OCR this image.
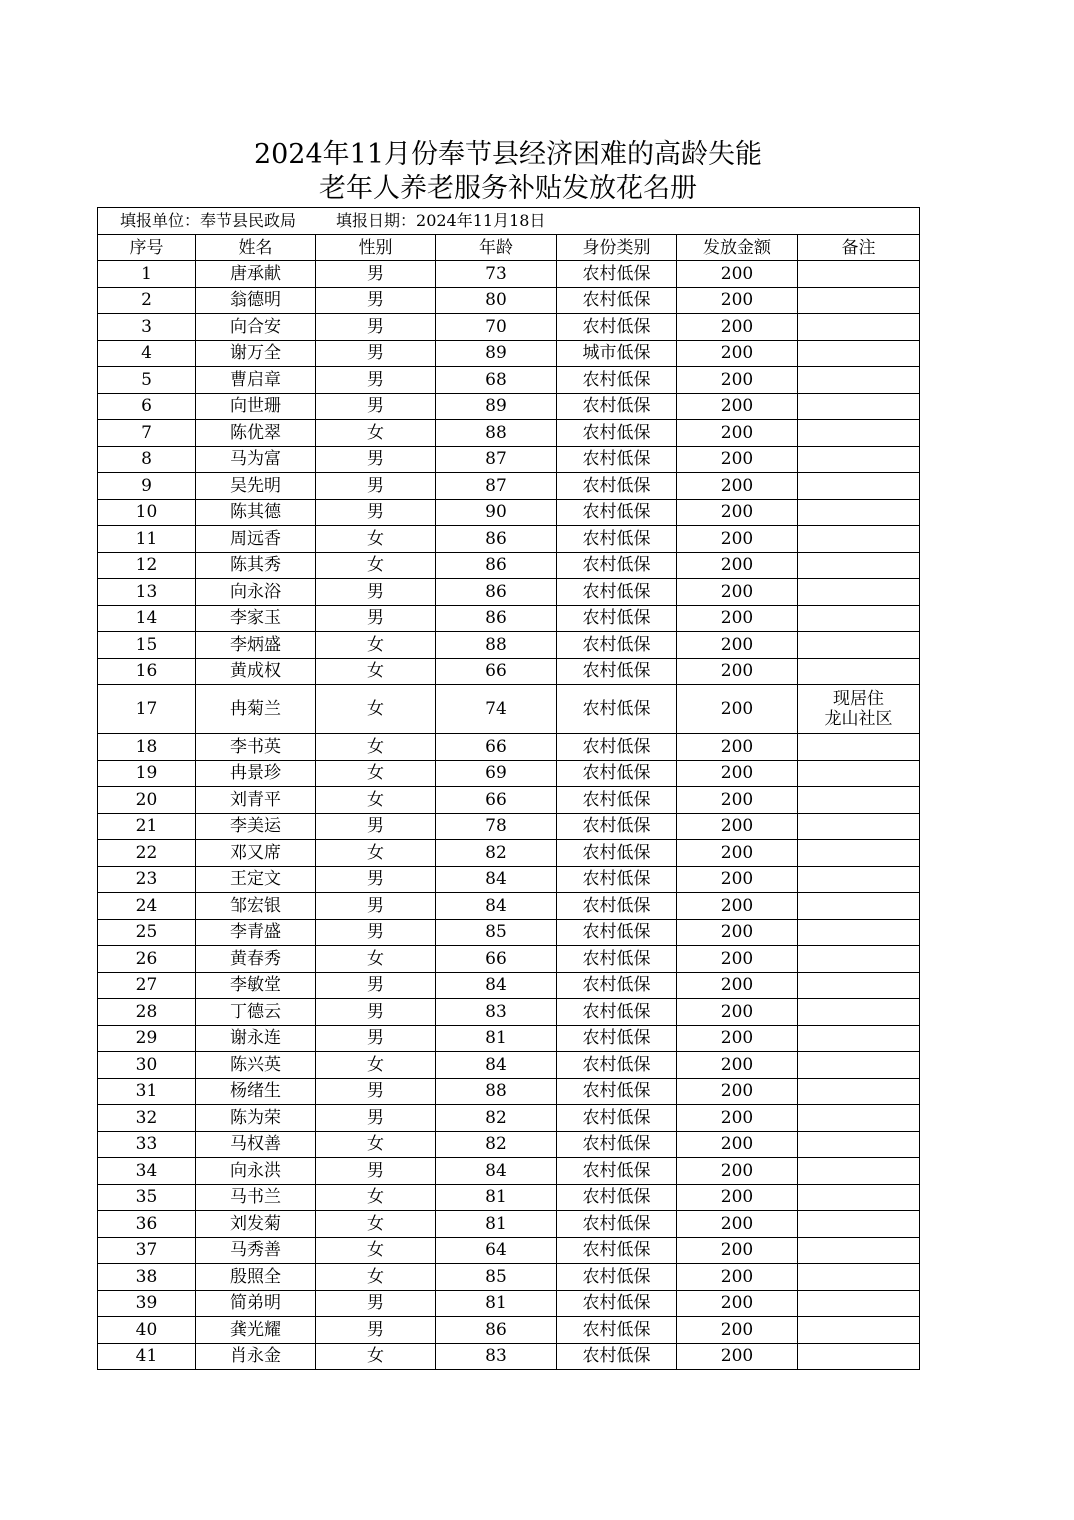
2024年11月份奉节县经济困难的高龄失能
老年人养老服务补贴发放花名册
填报单位：奉节县民政局 填报日期：2024年11月18日						
序号	姓名	性别	年龄	身份类别	发放金额	备注
1	唐承献	男	73	农村低保	200	

2	翁德明	男	80	农村低保	200	

3	向合安	男	70	农村低保	200	

4	谢万全	男	89	城市低保	200	

5	曹启章	男	68	农村低保	200	

6	向世珊	男	89	农村低保	200	

7	陈优翠	女	88	农村低保	200	

8	马为富	男	87	农村低保	200	

9	吴先明	男	87	农村低保	200	

10	陈其德	男	90	农村低保	200	

11	周远香	女	86	农村低保	200	

12	陈其秀	女	86	农村低保	200	

13	向永浴	男	86	农村低保	200	

14	李家玉	男	86	农村低保	200	

15	李炳盛	女	88	农村低保	200	

16	黄成权	女	66	农村低保	200	

17	冉菊兰	女	74	农村低保	200	现居住
龙山社区

18	李书英	女	66	农村低保	200	

19	冉景珍	女	69	农村低保	200	

20	刘青平	女	66	农村低保	200	

21	李美运	男	78	农村低保	200	

22	邓又席	女	82	农村低保	200	

23	王定文	男	84	农村低保	200	

24	邹宏银	男	84	农村低保	200	

25	李青盛	男	85	农村低保	200	

26	黄春秀	女	66	农村低保	200	

27	李敏堂	男	84	农村低保	200	

28	丁德云	男	83	农村低保	200	

29	谢永连	男	81	农村低保	200	

30	陈兴英	女	84	农村低保	200	

31	杨绪生	男	88	农村低保	200	

32	陈为荣	男	82	农村低保	200	

33	马权善	女	82	农村低保	200	

34	向永洪	男	84	农村低保	200	

35	马书兰	女	81	农村低保	200	

36	刘发菊	女	81	农村低保	200	

37	马秀善	女	64	农村低保	200	

38	殷照全	女	85	农村低保	200	

39	简弟明	男	81	农村低保	200	

40	龚光耀	男	86	农村低保	200	

41	肖永金	女	83	农村低保	200	
